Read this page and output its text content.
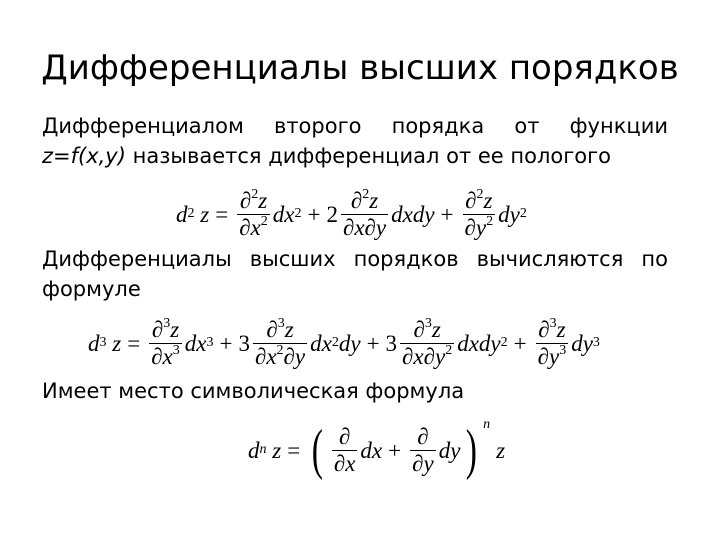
Дифференциалы высших порядков
Дифференциалом второго порядка от функции
z=f(x,y) называется дифференциал от ее пологого
d 2 $z = \frac{\partial^2z}{\partial x^2}$ dx $2 + 2 \frac{\partial^2z}{\partial x\partial y}$ dxdy + $\frac{\partial^2z}{\partial y^2}$ dy 2
Дифференциалы высших порядков вычисляются по
формуле
d 3 $z = \frac{\partial^3z}{\partial x^3}$ dx $3 + 3 \frac{\partial^3z}{\partial x^2\partial y}$ dx 2 dy + $3 \frac{\partial^3z}{\partial x\partial y^2}$ dxdy $2 + \frac{\partial^3z}{\partial y^3}$ dy 3
Имеет место символическая формула
d n z = ( $\frac{\partial}{\partial x}$ dx + $\frac{\partial}{\partial y}$ dy ) n
z
